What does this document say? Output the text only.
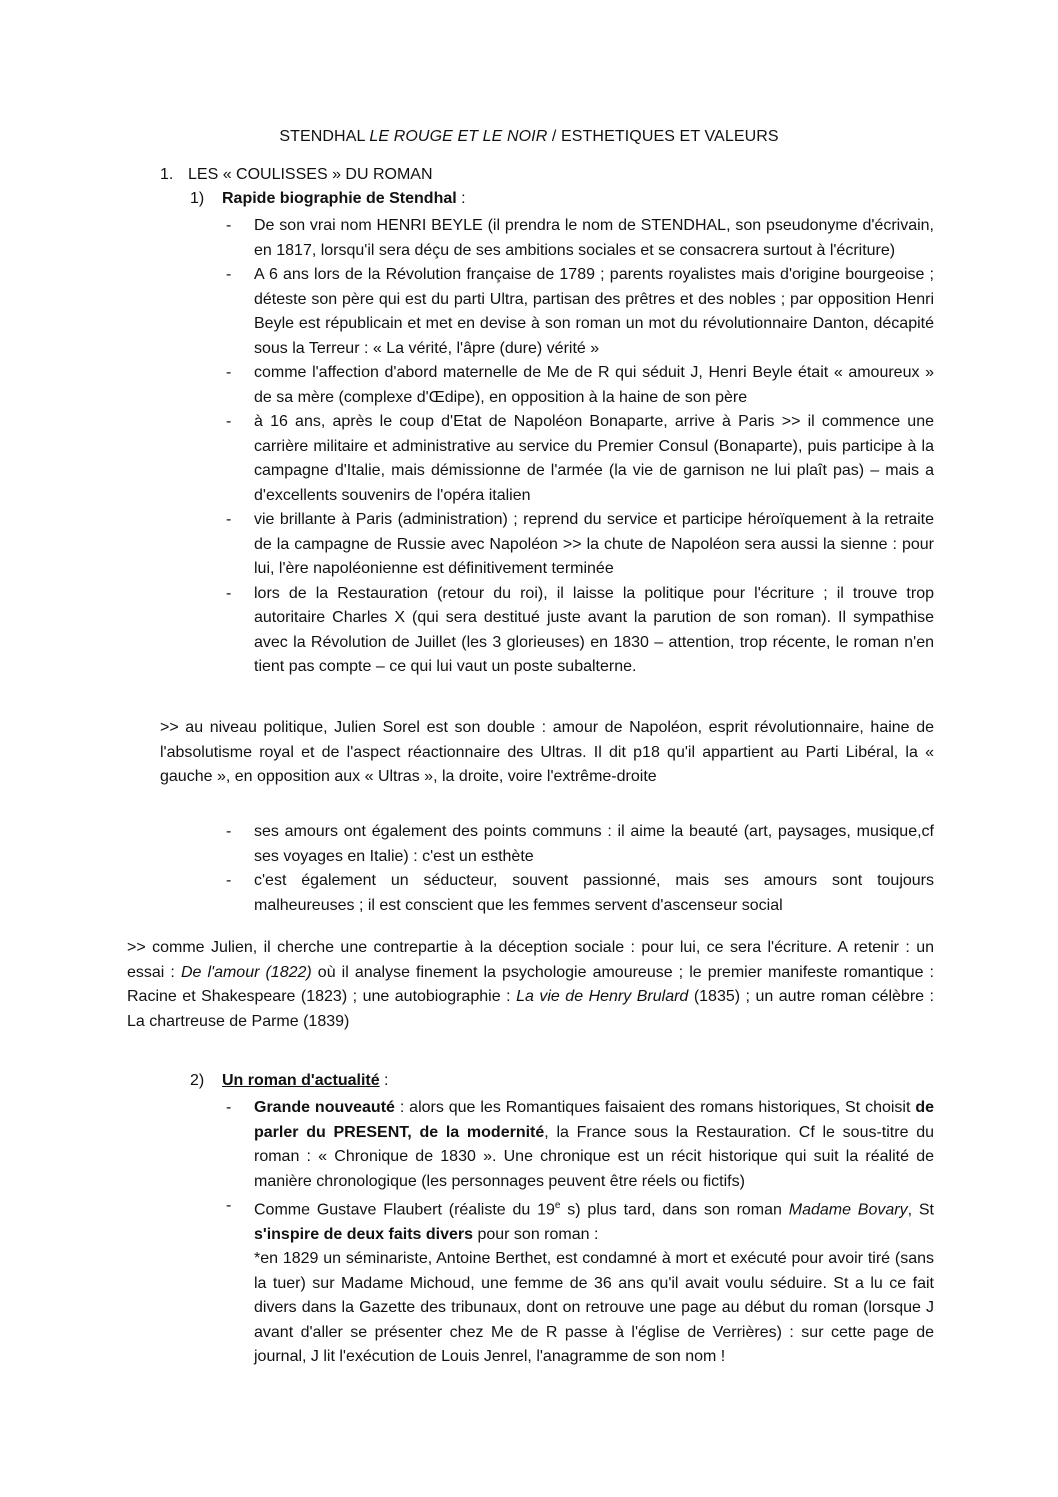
STENDHAL LE ROUGE ET LE NOIR / ESTHETIQUES ET VALEURS
1. LES « COULISSES » DU ROMAN
1) Rapide biographie de Stendhal :
- De son vrai nom HENRI BEYLE (il prendra le nom de STENDHAL, son pseudonyme d'écrivain, en 1817, lorsqu'il sera déçu de ses ambitions sociales et se consacrera surtout à l'écriture)
- A 6 ans lors de la Révolution française de 1789 ; parents royalistes mais d'origine bourgeoise ; déteste son père qui est du parti Ultra, partisan des prêtres et des nobles ; par opposition Henri Beyle est républicain et met en devise à son roman un mot du révolutionnaire Danton, décapité sous la Terreur : « La vérité, l'âpre (dure) vérité »
- comme l'affection d'abord maternelle de Me de R qui séduit J, Henri Beyle était « amoureux » de sa mère (complexe d'Œdipe), en opposition à la haine de son père
- à 16 ans, après le coup d'Etat de Napoléon Bonaparte, arrive à Paris >> il commence une carrière militaire et administrative au service du Premier Consul (Bonaparte), puis participe à la campagne d'Italie, mais démissionne de l'armée (la vie de garnison ne lui plaît pas) – mais a d'excellents souvenirs de l'opéra italien
- vie brillante à Paris (administration) ; reprend du service et participe héroïquement à la retraite de la campagne de Russie avec Napoléon >> la chute de Napoléon sera aussi la sienne : pour lui, l'ère napoléonienne est définitivement terminée
- lors de la Restauration (retour du roi), il laisse la politique pour l'écriture ; il trouve trop autoritaire Charles X (qui sera destitué juste avant la parution de son roman). Il sympathise avec la Révolution de Juillet (les 3 glorieuses) en 1830 – attention, trop récente, le roman n'en tient pas compte – ce qui lui vaut un poste subalterne.
>> au niveau politique, Julien Sorel est son double : amour de Napoléon, esprit révolutionnaire, haine de l'absolutisme royal et de l'aspect réactionnaire des Ultras. Il dit p18 qu'il appartient au Parti Libéral, la « gauche », en opposition aux « Ultras », la droite, voire l'extrême-droite
- ses amours ont également des points communs : il aime la beauté (art, paysages, musique,cf ses voyages en Italie) : c'est un esthète
- c'est également un séducteur, souvent passionné, mais ses amours sont toujours malheureuses ; il est conscient que les femmes servent d'ascenseur social
>> comme Julien, il cherche une contrepartie à la déception sociale : pour lui, ce sera l'écriture. A retenir : un essai : De l'amour (1822) où il analyse finement la psychologie amoureuse ; le premier manifeste romantique : Racine et Shakespeare (1823) ; une autobiographie : La vie de Henry Brulard (1835) ; un autre roman célèbre : La chartreuse de Parme (1839)
2) Un roman d'actualité :
- Grande nouveauté : alors que les Romantiques faisaient des romans historiques, St choisit de parler du PRESENT, de la modernité, la France sous la Restauration. Cf le sous-titre du roman : « Chronique de 1830 ». Une chronique est un récit historique qui suit la réalité de manière chronologique (les personnages peuvent être réels ou fictifs)
- Comme Gustave Flaubert (réaliste du 19e s) plus tard, dans son roman Madame Bovary, St s'inspire de deux faits divers pour son roman :
*en 1829 un séminariste, Antoine Berthet, est condamné à mort et exécuté pour avoir tiré (sans la tuer) sur Madame Michoud, une femme de 36 ans qu'il avait voulu séduire. St a lu ce fait divers dans la Gazette des tribunaux, dont on retrouve une page au début du roman (lorsque J avant d'aller se présenter chez Me de R passe à l'église de Verrières) : sur cette page de journal, J lit l'exécution de Louis Jenrel, l'anagramme de son nom !
